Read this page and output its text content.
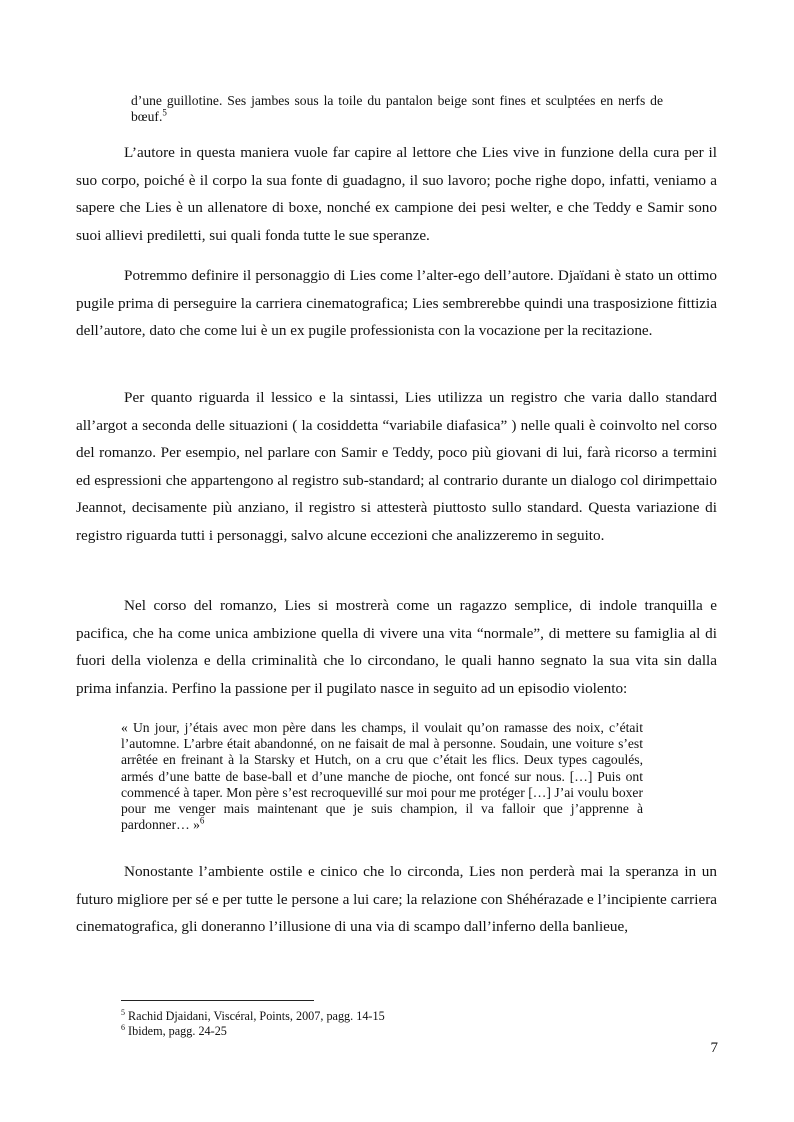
d’une guillotine. Ses jambes sous la toile du pantalon beige sont fines et sculptées en nerfs de bœuf.$^5$

L’autore in questa maniera vuole far capire al lettore che Lies vive in funzione della cura per il suo corpo, poiché è il corpo la sua fonte di guadagno, il suo lavoro; poche righe dopo, infatti, veniamo a sapere che Lies è un allenatore di boxe, nonché ex campione dei pesi welter, e che Teddy e Samir sono suoi allievi prediletti, sui quali fonda tutte le sue speranze.

Potremmo definire il personaggio di Lies come l’alter-ego dell’autore. Djaïdani è stato un ottimo pugile prima di perseguire la carriera cinematografica; Lies sembrerebbe quindi una trasposizione fittizia dell’autore, dato che come lui è un ex pugile professionista con la vocazione per la recitazione.

Per quanto riguarda il lessico e la sintassi, Lies utilizza un registro che varia dallo standard all’argot a seconda delle situazioni ( la cosiddetta “variabile diafasica” ) nelle quali è coinvolto nel corso del romanzo. Per esempio, nel parlare con Samir e Teddy, poco più giovani di lui, farà ricorso a termini ed espressioni che appartengono al registro sub-standard; al contrario durante un dialogo col dirimpettaio Jeannot, decisamente più anziano, il registro si attesterà piuttosto sullo standard. Questa variazione di registro riguarda tutti i personaggi, salvo alcune eccezioni che analizzeremo in seguito.

Nel corso del romanzo, Lies si mostrerà come un ragazzo semplice, di indole tranquilla e pacifica, che ha come unica ambizione quella di vivere una vita “normale”, di mettere su famiglia al di fuori della violenza e della criminalità che lo circondano, le quali hanno segnato la sua vita sin dalla prima infanzia. Perfino la passione per il pugilato nasce in seguito ad un episodio violento:

« Un jour, j’étais avec mon père dans les champs, il voulait qu’on ramasse des noix, c’était l’automne. L’arbre était abandonné, on ne faisait de mal à personne. Soudain, une voiture s’est arrêtée en freinant à la Starsky et Hutch, on a cru que c’était les flics. Deux types cagoulés, armés d’une batte de base-ball et d’une manche de pioche, ont foncé sur nous. […] Puis ont commencé à taper. Mon père s’est recroquevillé sur moi pour me protéger […] J’ai voulu boxer pour me venger mais maintenant que je suis champion, il va falloir que j’apprenne à pardonner… »$^6$

Nonostante l’ambiente ostile e cinico che lo circonda, Lies non perderà mai la speranza in un futuro migliore per sé e per tutte le persone a lui care; la relazione con Shéhérazade e l’incipiente carriera cinematografica, gli doneranno l’illusione di una via di scampo dall’inferno della banlieue,

$^5$ Rachid Djaidani, Viscéral, Points, 2007, pagg. 14-15

$^6$ Ibidem, pagg. 24-25

7
